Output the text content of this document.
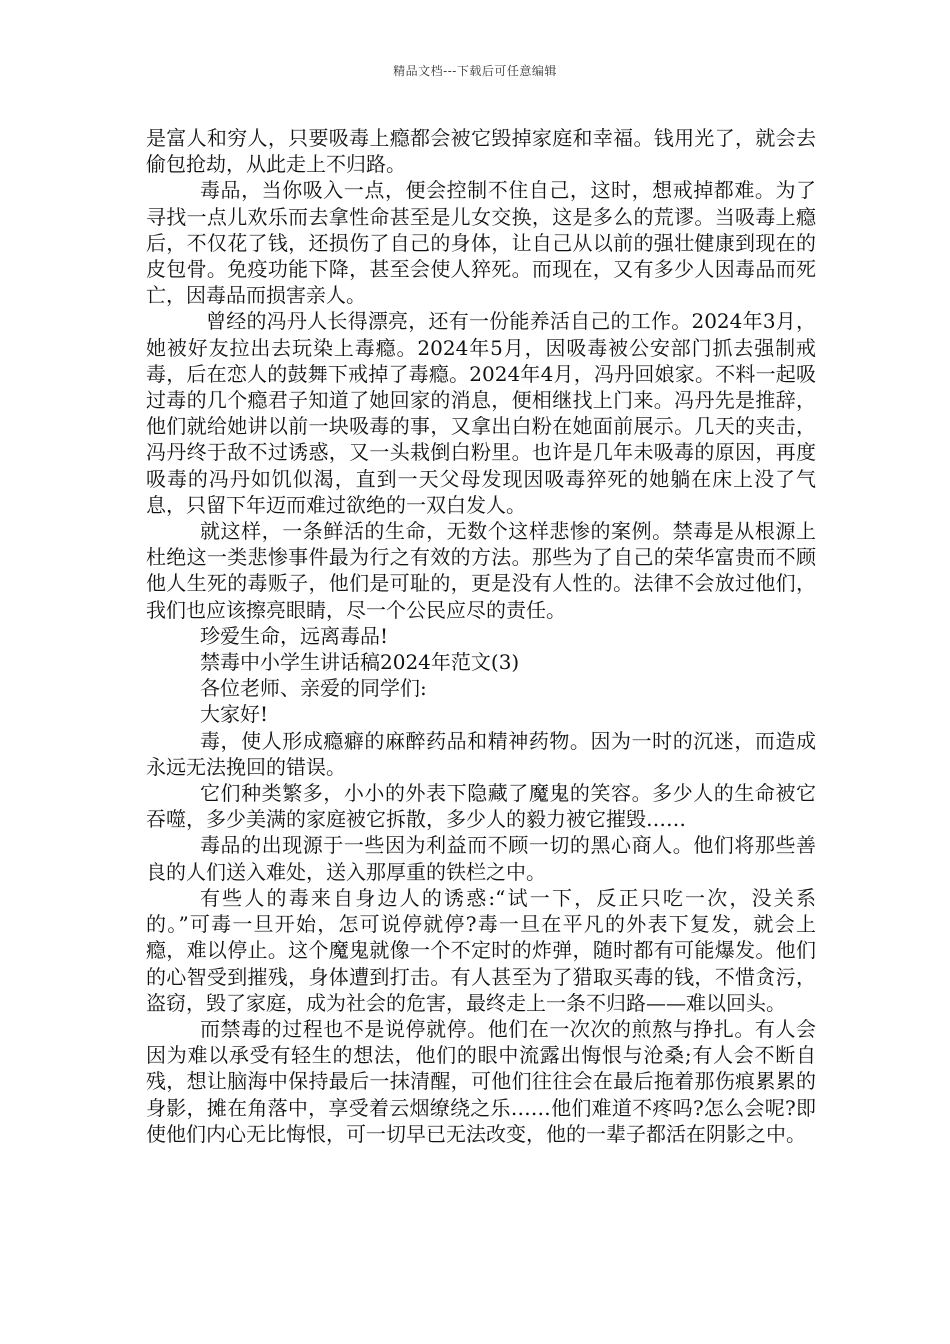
精品文档---下载后可任意编辑

是富人和穷人，只要吸毒上瘾都会被它毁掉家庭和幸福。钱用光了，就会去偷包抢劫，从此走上不归路。

毒品，当你吸入一点，便会控制不住自己，这时，想戒掉都难。为了寻找一点儿欢乐而去拿性命甚至是儿女交换，这是多么的荒谬。当吸毒上瘾后，不仅花了钱，还损伤了自己的身体，让自己从以前的强壮健康到现在的皮包骨。免疫功能下降，甚至会使人猝死。而现在，又有多少人因毒品而死亡，因毒品而损害亲人。

曾经的冯丹人长得漂亮，还有一份能养活自己的工作。2024年3月，她被好友拉出去玩染上毒瘾。2024年5月，因吸毒被公安部门抓去强制戒毒，后在恋人的鼓舞下戒掉了毒瘾。2024年4月，冯丹回娘家。不料一起吸过毒的几个瘾君子知道了她回家的消息，便相继找上门来。冯丹先是推辞，他们就给她讲以前一块吸毒的事，又拿出白粉在她面前展示。几天的夹击，冯丹终于敌不过诱惑，又一头栽倒白粉里。也许是几年未吸毒的原因，再度吸毒的冯丹如饥似渴，直到一天父母发现因吸毒猝死的她躺在床上没了气息，只留下年迈而难过欲绝的一双白发人。

就这样，一条鲜活的生命，无数个这样悲惨的案例。禁毒是从根源上杜绝这一类悲惨事件最为行之有效的方法。那些为了自己的荣华富贵而不顾他人生死的毒贩子，他们是可耻的，更是没有人性的。法律不会放过他们，我们也应该擦亮眼睛，尽一个公民应尽的责任。

珍爱生命，远离毒品!

禁毒中小学生讲话稿2024年范文(3)

各位老师、亲爱的同学们:

大家好!

毒，使人形成瘾癖的麻醉药品和精神药物。因为一时的沉迷，而造成永远无法挽回的错误。

它们种类繁多，小小的外表下隐藏了魔鬼的笑容。多少人的生命被它吞噬，多少美满的家庭被它拆散，多少人的毅力被它摧毁……

毒品的出现源于一些因为利益而不顾一切的黑心商人。他们将那些善良的人们送入难处，送入那厚重的铁栏之中。

有些人的毒来自身边人的诱惑:“试一下，反正只吃一次，没关系的。”可毒一旦开始，怎可说停就停?毒一旦在平凡的外表下复发，就会上瘾，难以停止。这个魔鬼就像一个不定时的炸弹，随时都有可能爆发。他们的心智受到摧残，身体遭到打击。有人甚至为了猎取买毒的钱，不惜贪污，盗窃，毁了家庭，成为社会的危害，最终走上一条不归路——难以回头。

而禁毒的过程也不是说停就停。他们在一次次的煎熬与挣扎。有人会因为难以承受有轻生的想法，他们的眼中流露出悔恨与沧桑;有人会不断自残，想让脑海中保持最后一抹清醒，可他们往往会在最后拖着那伤痕累累的身影，摊在角落中，享受着云烟缭绕之乐……他们难道不疼吗?怎么会呢?即使他们内心无比悔恨，可一切早已无法改变，他的一辈子都活在阴影之中。
